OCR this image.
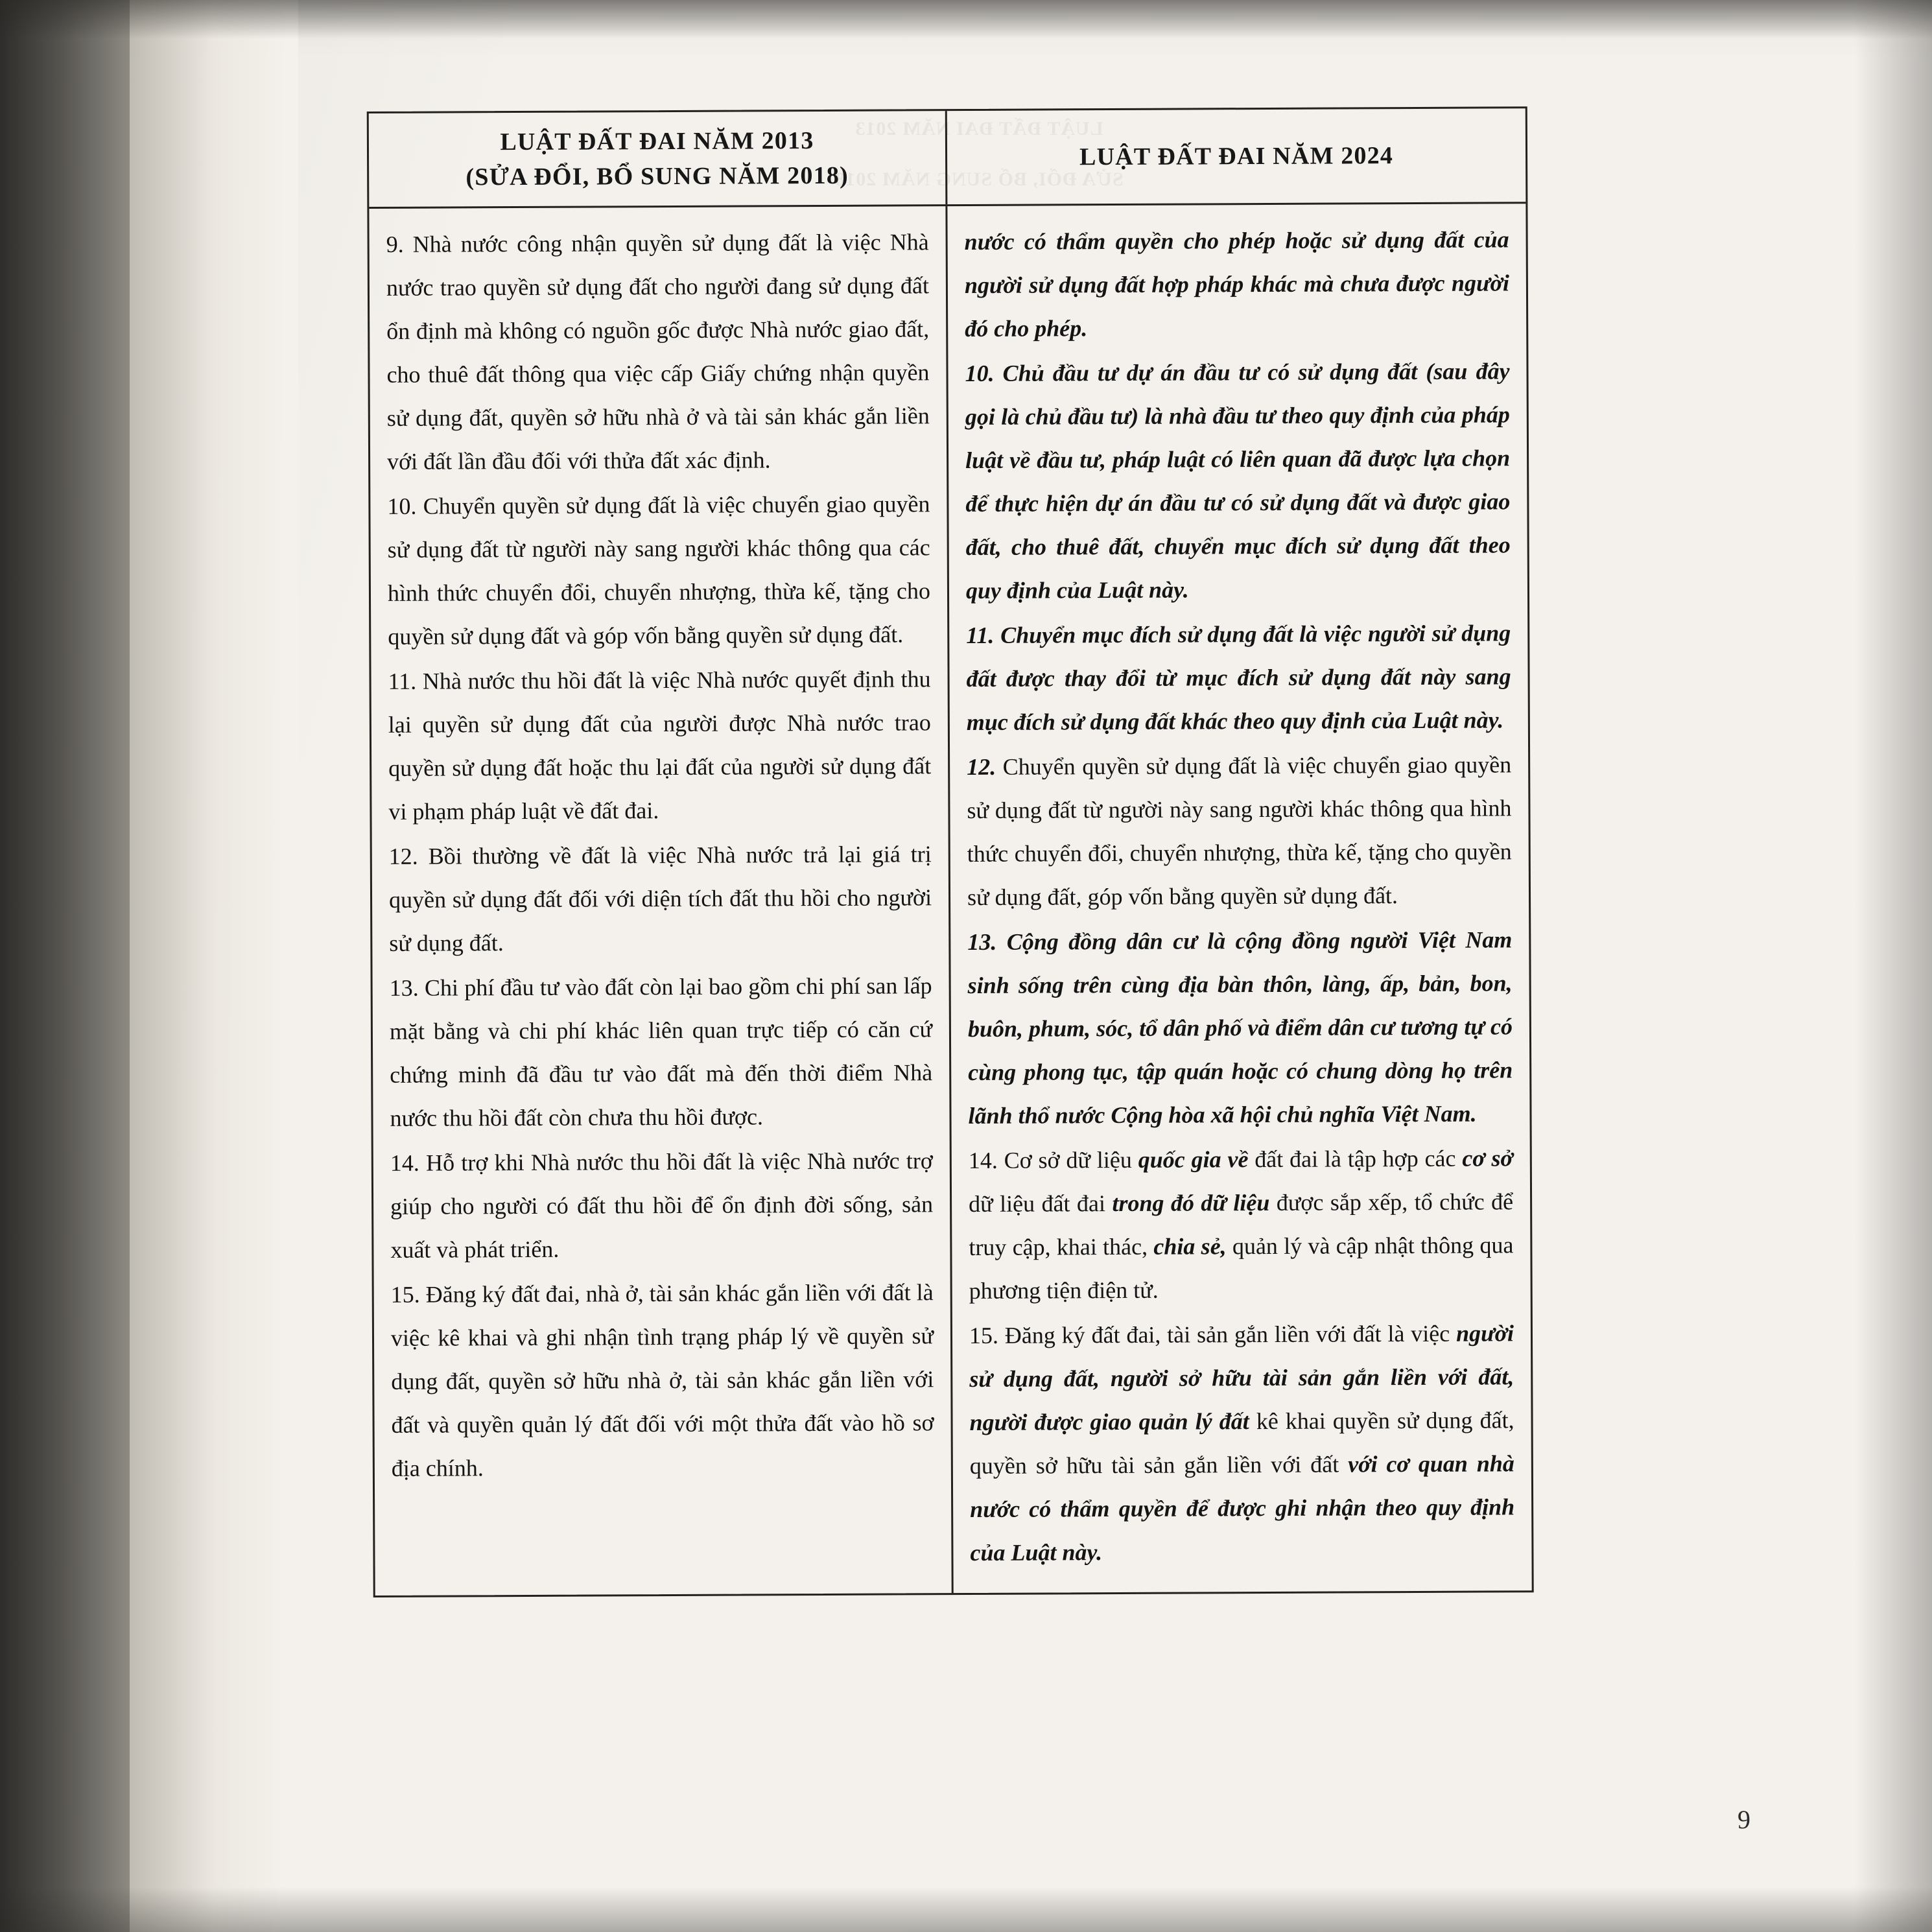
LUẬT ĐẤT ĐAI NĂM 2013
SỬA ĐỔI, BỔ SUNG NĂM 2018
LUẬT ĐẤT ĐAI NĂM 2013
(SỬA ĐỔI, BỔ SUNG NĂM 2018)
LUẬT ĐẤT ĐAI NĂM 2024

9. Nhà nước công nhận quyền sử dụng đất là việc Nhà nước trao quyền sử dụng đất cho người đang sử dụng đất ổn định mà không có nguồn gốc được Nhà nước giao đất, cho thuê đất thông qua việc cấp Giấy chứng nhận quyền sử dụng đất, quyền sở hữu nhà ở và tài sản khác gắn liền với đất lần đầu đối với thửa đất xác định.

10. Chuyển quyền sử dụng đất là việc chuyển giao quyền sử dụng đất từ người này sang người khác thông qua các hình thức chuyển đổi, chuyển nhượng, thừa kế, tặng cho quyền sử dụng đất và góp vốn bằng quyền sử dụng đất.

11. Nhà nước thu hồi đất là việc Nhà nước quyết định thu lại quyền sử dụng đất của người được Nhà nước trao quyền sử dụng đất hoặc thu lại đất của người sử dụng đất vi phạm pháp luật về đất đai.

12. Bồi thường về đất là việc Nhà nước trả lại giá trị quyền sử dụng đất đối với diện tích đất thu hồi cho người sử dụng đất.

13. Chi phí đầu tư vào đất còn lại bao gồm chi phí san lấp mặt bằng và chi phí khác liên quan trực tiếp có căn cứ chứng minh đã đầu tư vào đất mà đến thời điểm Nhà nước thu hồi đất còn chưa thu hồi được.

14. Hỗ trợ khi Nhà nước thu hồi đất là việc Nhà nước trợ giúp cho người có đất thu hồi để ổn định đời sống, sản xuất và phát triển.

15. Đăng ký đất đai, nhà ở, tài sản khác gắn liền với đất là việc kê khai và ghi nhận tình trạng pháp lý về quyền sử dụng đất, quyền sở hữu nhà ở, tài sản khác gắn liền với đất và quyền quản lý đất đối với một thửa đất vào hồ sơ địa chính.

nước có thẩm quyền cho phép hoặc sử dụng đất của người sử dụng đất hợp pháp khác mà chưa được người đó cho phép.

10. Chủ đầu tư dự án đầu tư có sử dụng đất (sau đây gọi là chủ đầu tư) là nhà đầu tư theo quy định của pháp luật về đầu tư, pháp luật có liên quan đã được lựa chọn để thực hiện dự án đầu tư có sử dụng đất và được giao đất, cho thuê đất, chuyển mục đích sử dụng đất theo quy định của Luật này.

11. Chuyển mục đích sử dụng đất là việc người sử dụng đất được thay đổi từ mục đích sử dụng đất này sang mục đích sử dụng đất khác theo quy định của Luật này.

12. Chuyển quyền sử dụng đất là việc chuyển giao quyền sử dụng đất từ người này sang người khác thông qua hình thức chuyển đổi, chuyển nhượng, thừa kế, tặng cho quyền sử dụng đất, góp vốn bằng quyền sử dụng đất.

13. Cộng đồng dân cư là cộng đồng người Việt Nam sinh sống trên cùng địa bàn thôn, làng, ấp, bản, bon, buôn, phum, sóc, tổ dân phố và điểm dân cư tương tự có cùng phong tục, tập quán hoặc có chung dòng họ trên lãnh thổ nước Cộng hòa xã hội chủ nghĩa Việt Nam.

14. Cơ sở dữ liệu quốc gia về đất đai là tập hợp các cơ sở dữ liệu đất đai trong đó dữ liệu được sắp xếp, tổ chức để truy cập, khai thác, chia sẻ, quản lý và cập nhật thông qua phương tiện điện tử.

15. Đăng ký đất đai, tài sản gắn liền với đất là việc người sử dụng đất, người sở hữu tài sản gắn liền với đất, người được giao quản lý đất kê khai quyền sử dụng đất, quyền sở hữu tài sản gắn liền với đất với cơ quan nhà nước có thẩm quyền để được ghi nhận theo quy định của Luật này.

9
